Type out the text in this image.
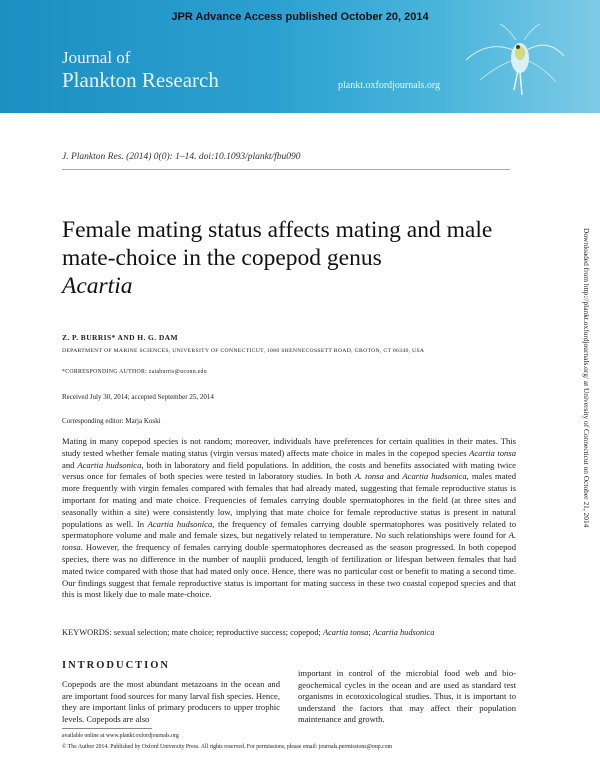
JPR Advance Access published October 20, 2014
Journal of
Plankton Research	plankt.oxfordjournals.org
J. Plankton Res. (2014) 0(0): 1–14. doi:10.1093/plankt/fbu090
Female mating status affects mating and male mate-choice in the copepod genus
Acartia
Z. P. BURRIS* AND H. G. DAM
DEPARTMENT OF MARINE SCIENCES, UNIVERSITY OF CONNECTICUT, 1080 SHENNECOSSETT ROAD, GROTON, CT 06340, USA
*CORRESPONDING AUTHOR: zaiaburris@uconn.edu
Received July 30, 2014; accepted September 25, 2014
Corresponding editor: Marja Koski
Mating in many copepod species is not random; moreover, individuals have preferences for certain qualities in their mates. This study tested whether female mating status (virgin versus mated) affects mate choice in males in the copepod species Acartia tonsa and Acartia hudsonica, both in laboratory and field populations. In addition, the costs and benefits associated with mating twice versus once for females of both species were tested in laboratory studies. In both A. tonsa and Acartia hudsonica, males mated more frequently with virgin females compared with females that had already mated, suggesting that female reproductive status is important for mating and mate choice. Frequencies of females carrying double spermatophores in the field (at three sites and seasonally within a site) were consistently low, implying that mate choice for female reproductive status is present in natural populations as well. In Acartia hudsonica, the frequency of females carrying double spermatophores was positively related to spermatophore volume and male and female sizes, but negatively related to temperature. No such relationships were found for A. tonsa. However, the frequency of females carrying double spermatophores decreased as the season progressed. In both copepod species, there was no difference in the number of nauplii produced, length of fertilization or lifespan between females that had mated twice compared with those that had mated only once. Hence, there was no particular cost or benefit to mating a second time. Our findings suggest that female reproductive status is important for mating success in these two coastal copepod species and that this is most likely due to male mate-choice.
KEYWORDS: sexual selection; mate choice; reproductive success; copepod; Acartia tonsa; Acartia hudsonica
INTRODUCTION
Copepods are the most abundant metazoans in the ocean and are important food sources for many larval fish species. Hence, they are important links of primary producers to upper trophic levels. Copepods are also
important in control of the microbial food web and bio-geochemical cycles in the ocean and are used as standard test organisms in ecotoxicological studies. Thus, it is important to understand the factors that may affect their population maintenance and growth.
available online at www.plankt.oxfordjournals.org
© The Author 2014. Published by Oxford University Press. All rights reserved. For permissions, please email: journals.permissions@oup.com
Downloaded from http://plankt.oxfordjournals.org/ at University of Connecticut on October 21, 2014
